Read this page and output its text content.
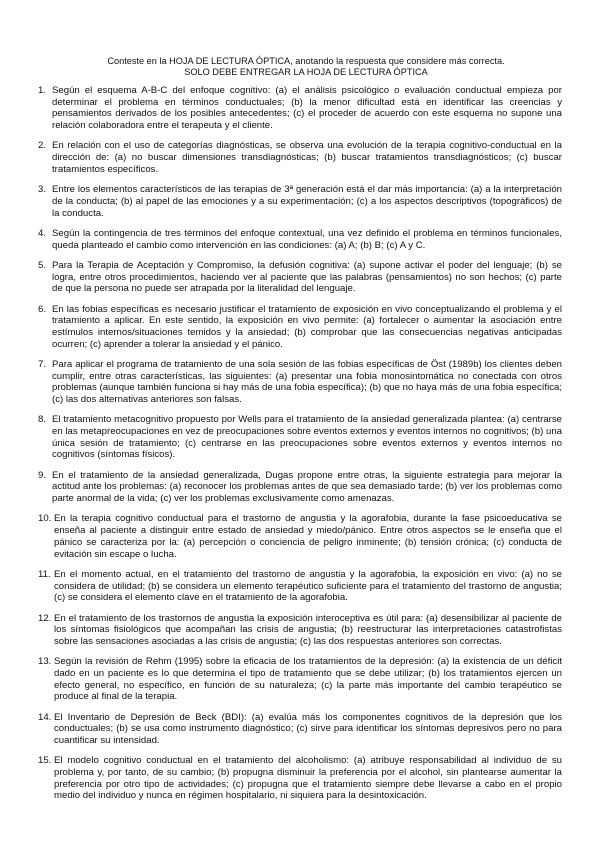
Conteste en la HOJA DE LECTURA ÓPTICA, anotando la respuesta que considere más correcta.
SOLO DEBE ENTREGAR LA HOJA DE LECTURA ÓPTICA
1. Según el esquema A-B-C del enfoque cognitivo: (a) el análisis psicológico o evaluación conductual empieza por determinar el problema en términos conductuales; (b) la menor dificultad está en identificar las creencias y pensamientos derivados de los posibles antecedentes; (c) el proceder de acuerdo con este esquema no supone una relación colaboradora entre el terapeuta y el cliente.
2. En relación con el uso de categorías diagnósticas, se observa una evolución de la terapia cognitivo-conductual en la dirección de: (a) no buscar dimensiones transdiagnósticas; (b) buscar tratamientos transdiagnósticos; (c) buscar tratamientos específicos.
3. Entre los elementos característicos de las terapias de 3ª generación está el dar más importancia: (a) a la interpretación de la conducta; (b) al papel de las emociones y a su experimentación; (c) a los aspectos descriptivos (topográficos) de la conducta.
4. Según la contingencia de tres términos del enfoque contextual, una vez definido el problema en términos funcionales, queda planteado el cambio como intervención en las condiciones: (a) A; (b) B; (c) A y C.
5. Para la Terapia de Aceptación y Compromiso, la defusión cognitiva: (a) supone activar el poder del lenguaje; (b) se logra, entre otros procedimientos, haciendo ver al paciente que las palabras (pensamientos) no son hechos; (c) parte de que la persona no puede ser atrapada por la literalidad del lenguaje.
6. En las fobias específicas es necesario justificar el tratamiento de exposición en vivo conceptualizando el problema y el tratamiento a aplicar. En este sentido, la exposición en vivo permite: (a) fortalecer o aumentar la asociación entre estímulos internos/situaciones temidos y la ansiedad; (b) comprobar que las consecuencias negativas anticipadas ocurren; (c) aprender a tolerar la ansiedad y el pánico.
7. Para aplicar el programa de tratamiento de una sola sesión de las fobias específicas de Öst (1989b) los clientes deben cumplir, entre otras características, las siguientes: (a) presentar una fobia monosintomática no conectada con otros problemas (aunque también funciona si hay más de una fobia específica); (b) que no haya más de una fobia específica; (c) las dos alternativas anteriores son falsas.
8. El tratamiento metacognitivo propuesto por Wells para el tratamiento de la ansiedad generalizada plantea: (a) centrarse en las metapreocupaciones en vez de preocupaciones sobre eventos externos y eventos internos no cognitivos; (b) una única sesión de tratamiento; (c) centrarse en las preocupaciones sobre eventos externos y eventos internos no cognitivos (síntomas físicos).
9. En el tratamiento de la ansiedad generalizada, Dugas propone entre otras, la siguiente estrategia para mejorar la actitud ante los problemas: (a) reconocer los problemas antes de que sea demasiado tarde; (b) ver los problemas como parte anormal de la vida; (c) ver los problemas exclusivamente como amenazas.
10. En la terapia cognitivo conductual para el trastorno de angustia y la agorafobia, durante la fase psicoeducativa se enseña al paciente a distinguir entre estado de ansiedad y miedo/pánico. Entre otros aspectos se le enseña que el pánico se caracteriza por la: (a) percepción o conciencia de peligro inminente; (b) tensión crónica; (c) conducta de evitación sin escape o lucha.
11. En el momento actual, en el tratamiento del trastorno de angustia y la agorafobia, la exposición en vivo: (a) no se considera de utilidad; (b) se considera un elemento terapéutico suficiente para el tratamiento del trastorno de angustia; (c) se considera el elemento clave en el tratamiento de la agorafobia.
12. En el tratamiento de los trastornos de angustia la exposición interoceptiva es útil para: (a) desensibilizar al paciente de los síntomas fisiológicos que acompañan las crisis de angustia; (b) reestructurar las interpretaciones catastrofistas sobre las sensaciones asociadas a las crisis de angustia; (c) las dos respuestas anteriores son correctas.
13. Según la revisión de Rehm (1995) sobre la eficacia de los tratamientos de la depresión: (a) la existencia de un déficit dado en un paciente es lo que determina el tipo de tratamiento que se debe utilizar; (b) los tratamientos ejercen un efecto general, no específico, en función de su naturaleza; (c) la parte más importante del cambio terapéutico se produce al final de la terapia.
14. El Inventario de Depresión de Beck (BDI): (a) evalúa más los componentes cognitivos de la depresión que los conductuales; (b) se usa como instrumento diagnóstico; (c) sirve para identificar los síntomas depresivos pero no para cuantificar su intensidad.
15. El modelo cognitivo conductual en el tratamiento del alcoholismo: (a) atribuye responsabilidad al individuo de su problema y, por tanto, de su cambio; (b) propugna disminuir la preferencia por el alcohol, sin plantearse aumentar la preferencia por otro tipo de actividades; (c) propugna que el tratamiento siempre debe llevarse a cabo en el propio medio del individuo y nunca en régimen hospitalario, ni siquiera para la desintoxicación.
